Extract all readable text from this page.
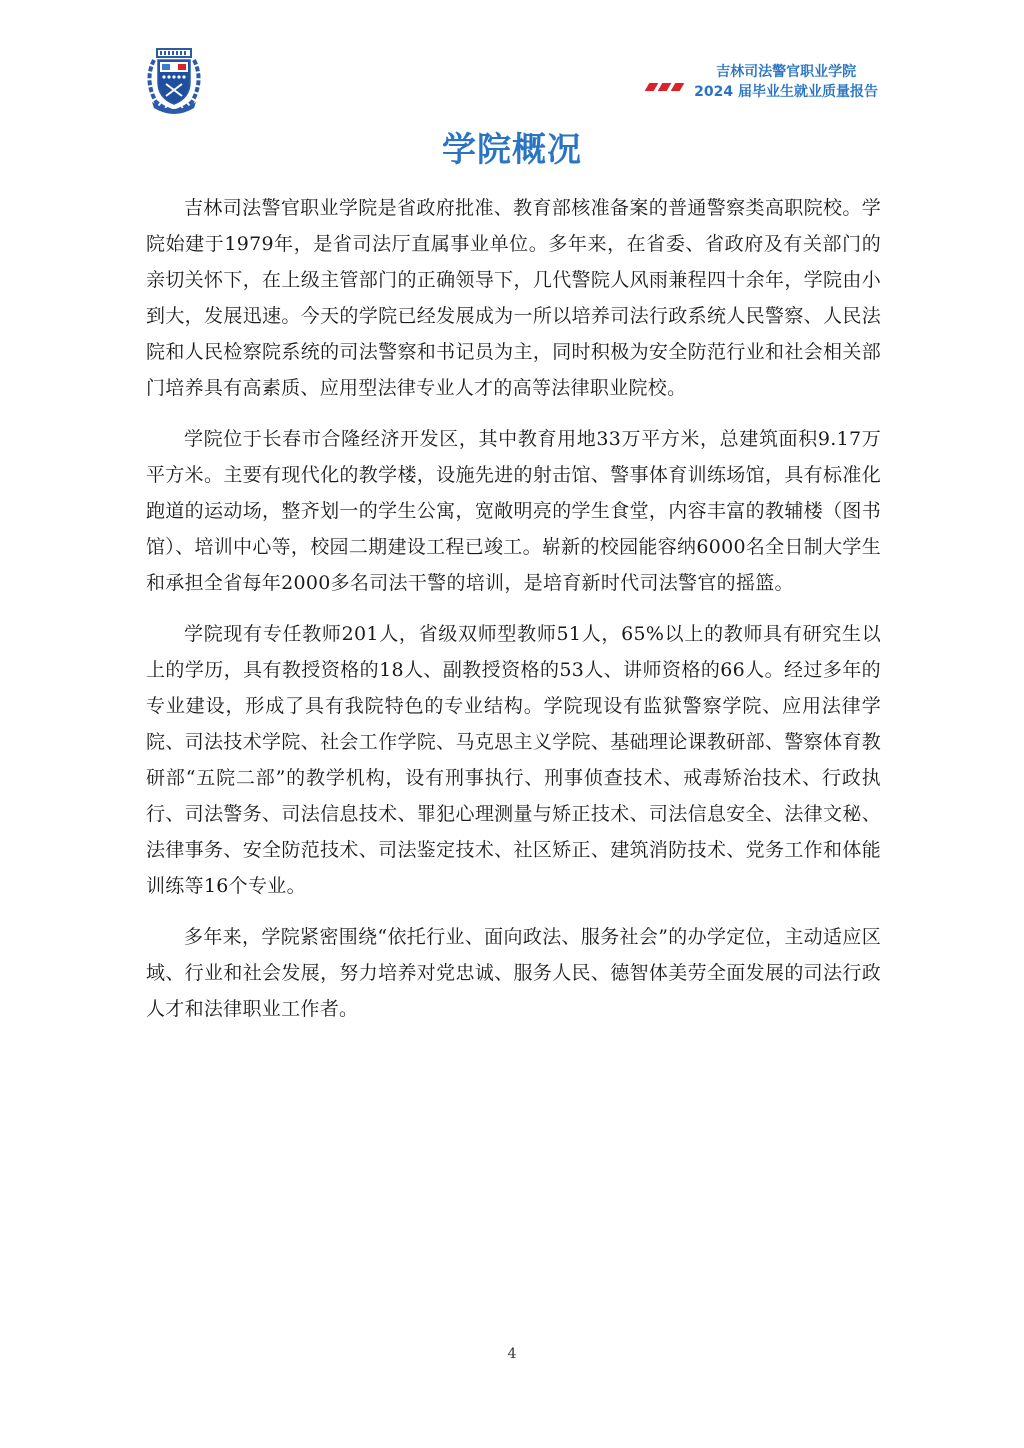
吉林司法警官职业学院
2024 届毕业生就业质量报告
学院概况

吉林司法警官职业学院是省政府批准、教育部核准备案的普通警察类高职院校。学院始建于1979年，是省司法厅直属事业单位。多年来，在省委、省政府及有关部门的亲切关怀下，在上级主管部门的正确领导下，几代警院人风雨兼程四十余年，学院由小到大，发展迅速。今天的学院已经发展成为一所以培养司法行政系统人民警察、人民法院和人民检察院系统的司法警察和书记员为主，同时积极为安全防范行业和社会相关部门培养具有高素质、应用型法律专业人才的高等法律职业院校。

学院位于长春市合隆经济开发区，其中教育用地33万平方米，总建筑面积9.17万平方米。主要有现代化的教学楼，设施先进的射击馆、警事体育训练场馆，具有标准化跑道的运动场，整齐划一的学生公寓，宽敞明亮的学生食堂，内容丰富的教辅楼（图书馆）、培训中心等，校园二期建设工程已竣工。崭新的校园能容纳6000名全日制大学生和承担全省每年2000多名司法干警的培训，是培育新时代司法警官的摇篮。

学院现有专任教师201人，省级双师型教师51人，65%以上的教师具有研究生以上的学历，具有教授资格的18人、副教授资格的53人、讲师资格的66人。经过多年的专业建设，形成了具有我院特色的专业结构。学院现设有监狱警察学院、应用法律学院、司法技术学院、社会工作学院、马克思主义学院、基础理论课教研部、警察体育教研部“五院二部”的教学机构，设有刑事执行、刑事侦查技术、戒毒矫治技术、行政执行、司法警务、司法信息技术、罪犯心理测量与矫正技术、司法信息安全、法律文秘、法律事务、安全防范技术、司法鉴定技术、社区矫正、建筑消防技术、党务工作和体能训练等16个专业。

多年来，学院紧密围绕“依托行业、面向政法、服务社会”的办学定位，主动适应区域、行业和社会发展，努力培养对党忠诚、服务人民、德智体美劳全面发展的司法行政人才和法律职业工作者。

4
